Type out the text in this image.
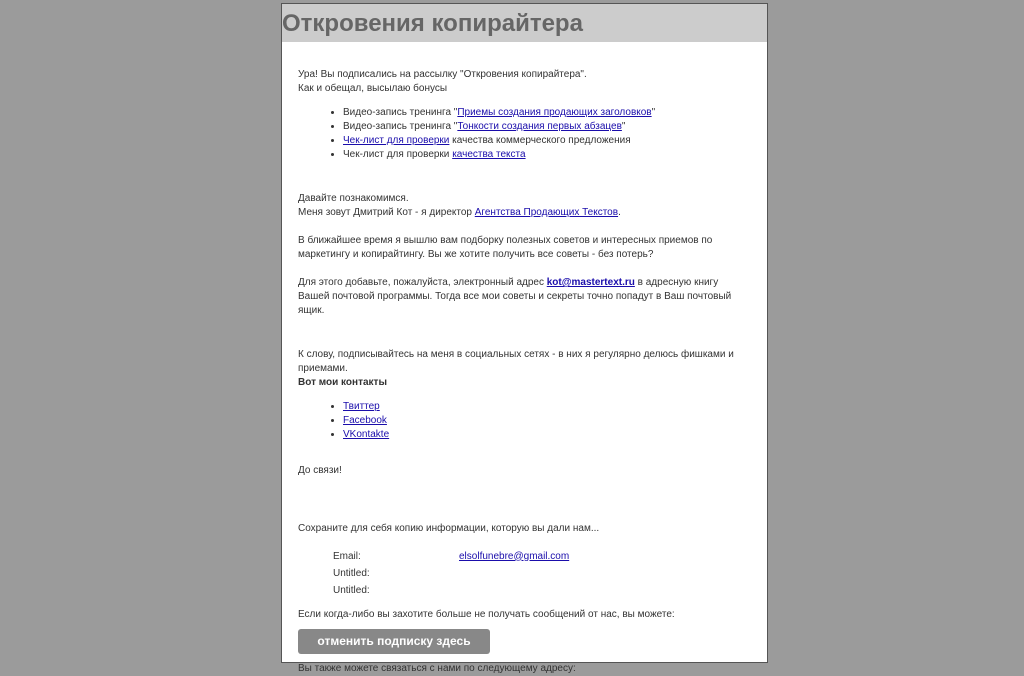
Откровения копирайтера

Ура! Вы подписались на рассылку "Откровения копирайтера".

Как и обещал, высылаю бонусы

• Видео-запись тренинга "Приемы создания продающих заголовков"
• Видео-запись тренинга "Тонкости создания первых абзацев"
• Чек-лист для проверки качества коммерческого предложения
• Чек-лист для проверки качества текста

Давайте познакомимся.

Меня зовут Дмитрий Кот - я директор Агентства Продающих Текстов.

В ближайшее время я вышлю вам подборку полезных советов и интересных приемов по маркетингу и копирайтингу. Вы же хотите получить все советы - без потерь?

Для этого добавьте, пожалуйста, электронный адрес kot@mastertext.ru в адресную книгу Вашей почтовой программы. Тогда все мои советы и секреты точно попадут в Ваш почтовый ящик.

К слову, подписывайтесь на меня в социальных сетях - в них я регулярно делюсь фишками и приемами.

Вот мои контакты

• Твиттер
• Facebook
• VKontakte

До связи!

Сохраните для себя копию информации, которую вы дали нам...

Email:	elsolfunebre@gmail.com
Untitled:
Untitled:

Если когда-либо вы захотите больше не получать сообщений от нас, вы можете:

отменить подписку здесь

Вы также можете связаться с нами по следующему адресу:
